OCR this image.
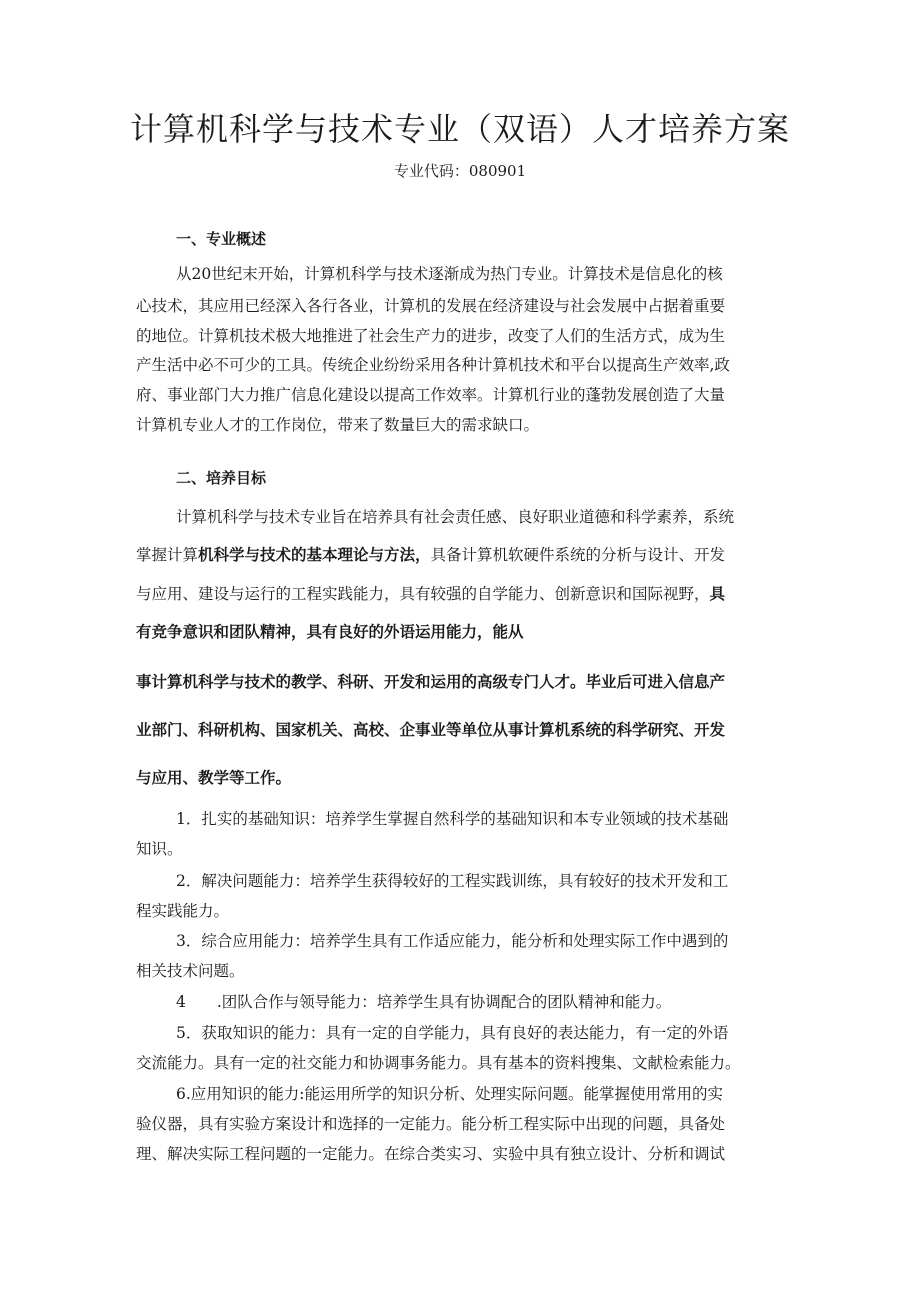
计算机科学与技术专业（双语）人才培养方案
专业代码：080901
一、专业概述
从20世纪末开始，计算机科学与技术逐渐成为热门专业。计算技术是信息化的核
心技术，其应用已经深入各行各业，计算机的发展在经济建设与社会发展中占据着重要
的地位。计算机技术极大地推进了社会生产力的进步，改变了人们的生活方式，成为生
产生活中必不可少的工具。传统企业纷纷采用各种计算机技术和平台以提高生产效率,政
府、事业部门大力推广信息化建设以提高工作效率。计算机行业的蓬勃发展创造了大量
计算机专业人才的工作岗位，带来了数量巨大的需求缺口。
二、培养目标
计算机科学与技术专业旨在培养具有社会责任感、良好职业道德和科学素养，系统
掌握计算机科学与技术的基本理论与方法，具备计算机软硬件系统的分析与设计、开发
与应用、建设与运行的工程实践能力，具有较强的自学能力、创新意识和国际视野，具
有竞争意识和团队精神，具有良好的外语运用能力，能从
事计算机科学与技术的教学、科研、开发和运用的高级专门人才。毕业后可进入信息产
业部门、科研机构、国家机关、高校、企事业等单位从事计算机系统的科学研究、开发
与应用、教学等工作。
1．扎实的基础知识：培养学生掌握自然科学的基础知识和本专业领域的技术基础
知识。
2．解决问题能力：培养学生获得较好的工程实践训练，具有较好的技术开发和工
程实践能力。
3．综合应用能力：培养学生具有工作适应能力，能分析和处理实际工作中遇到的
相关技术问题。
4　　.团队合作与领导能力：培养学生具有协调配合的团队精神和能力。
5．获取知识的能力：具有一定的自学能力，具有良好的表达能力，有一定的外语
交流能力。具有一定的社交能力和协调事务能力。具有基本的资料搜集、文献检索能力。
6.应用知识的能力:能运用所学的知识分析、处理实际问题。能掌握使用常用的实
验仪器，具有实验方案设计和选择的一定能力。能分析工程实际中出现的问题，具备处
理、解决实际工程问题的一定能力。在综合类实习、实验中具有独立设计、分析和调试
